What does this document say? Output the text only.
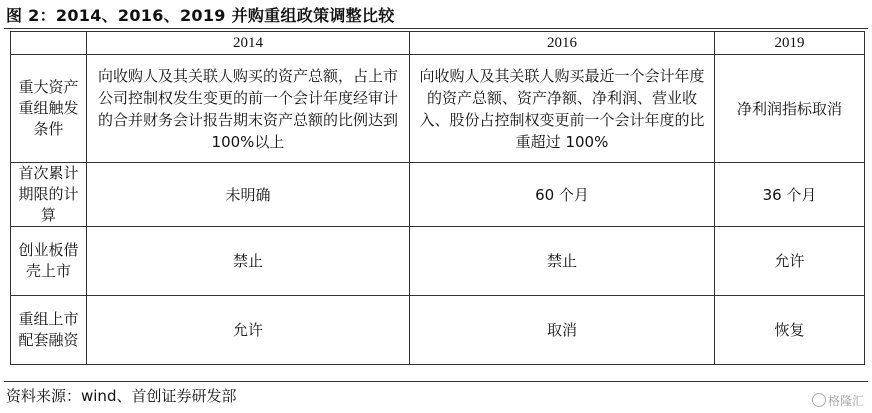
图 2：2014、2016、2019 并购重组政策调整比较
	2014	2016	2019
重大资产重组触发条件	向收购人及其关联人购买的资产总额，占上市公司控制权发生变更的前一个会计年度经审计的合并财务会计报告期末资产总额的比例达到 100%以上	向收购人及其关联人购买最近一个会计年度的资产总额、资产净额、净利润、营业收入、股份占控制权变更前一个会计年度的比重超过 100%	净利润指标取消
首次累计期限的计算	未明确	60 个月	36 个月
创业板借壳上市	禁止	禁止	允许
重组上市配套融资	允许	取消	恢复
资料来源：wind、首创证券研发部	格隆汇
